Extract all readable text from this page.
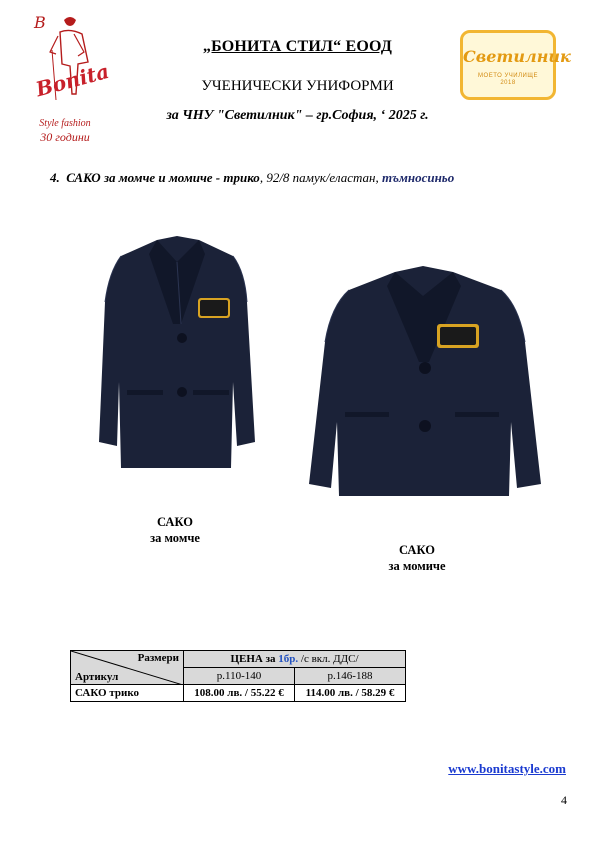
B
Bonita
Style fashion
30 години
„БОНИТА СТИЛ“ ЕООД
УЧЕНИЧЕСКИ УНИФОРМИ
за ЧНУ "Светилник" – гр.София, ‘ 2025 г.
Светилник
МОЕТО УЧИЛИЩЕ
2018
4. САКО за момче и момиче - трико, 92/8 памук/еластан, тъмносиньо
САКО
за момче
САКО
за момиче
Размери
Артикул	ЦЕНА за 1бр. /с вкл. ДДС/	
	р.110-140	р.146-188
САКО трико	108.00 лв. / 55.22 €	114.00 лв. / 58.29 €
www.bonitastyle.com
4
